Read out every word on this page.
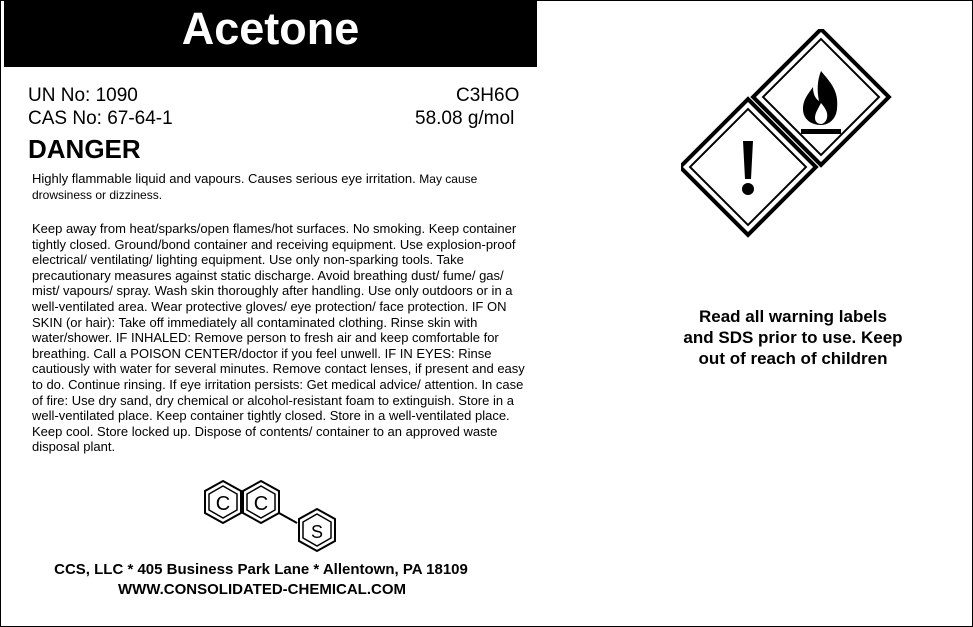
Acetone
UN No: 1090
CAS No: 67-64-1
C3H6O
58.08 g/mol
DANGER
Highly flammable liquid and vapours. Causes serious eye irritation. May cause drowsiness or dizziness.
Keep away from heat/sparks/open flames/hot surfaces. No smoking. Keep container tightly closed. Ground/bond container and receiving equipment. Use explosion-proof electrical/ ventilating/ lighting equipment. Use only non-sparking tools. Take precautionary measures against static discharge. Avoid breathing dust/ fume/ gas/ mist/ vapours/ spray. Wash skin thoroughly after handling. Use only outdoors or in a well-ventilated area. Wear protective gloves/ eye protection/ face protection. IF ON SKIN (or hair): Take off immediately all contaminated clothing. Rinse skin with water/shower. IF INHALED: Remove person to fresh air and keep comfortable for breathing. Call a POISON CENTER/doctor if you feel unwell. IF IN EYES: Rinse cautiously with water for several minutes. Remove contact lenses, if present and easy to do. Continue rinsing. If eye irritation persists: Get medical advice/ attention. In case of fire: Use dry sand, dry chemical or alcohol-resistant foam to extinguish. Store in a well-ventilated place. Keep container tightly closed. Store in a well-ventilated place. Keep cool. Store locked up. Dispose of contents/ container to an approved waste disposal plant.
Read all warning labels
and SDS prior to use. Keep
out of reach of children
C C
S
CCS, LLC * 405 Business Park Lane * Allentown, PA 18109
WWW.CONSOLIDATED-CHEMICAL.COM
